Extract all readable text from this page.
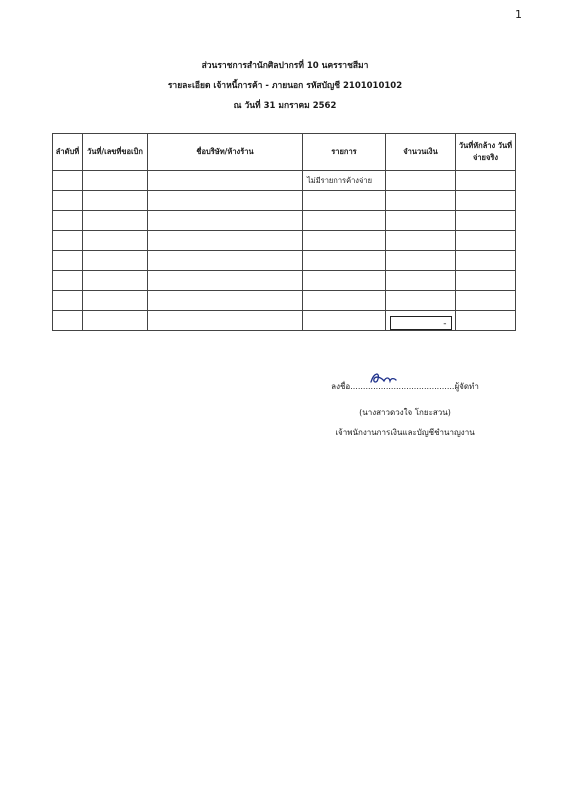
1
ส่วนราชการสำนักศิลปากรที่ 10 นครราชสีมา
รายละเอียด เจ้าหนี้การค้า - ภายนอก รหัสบัญชี 2101010102
ณ วันที่ 31 มกราคม 2562
ลำดับที่	วันที่/เลขที่ขอเบิก	ชื่อบริษัท/ห้างร้าน	รายการ	จำนวนเงิน	วันที่หักล้าง วันที่จ่ายจริง
			ไม่มีรายการค้างจ่าย		

				-	
ลงชื่อ.........................................ผู้จัดทำ
(นางสาวดวงใจ โกยะสวน)
เจ้าพนักงานการเงินและบัญชีชำนาญงาน
